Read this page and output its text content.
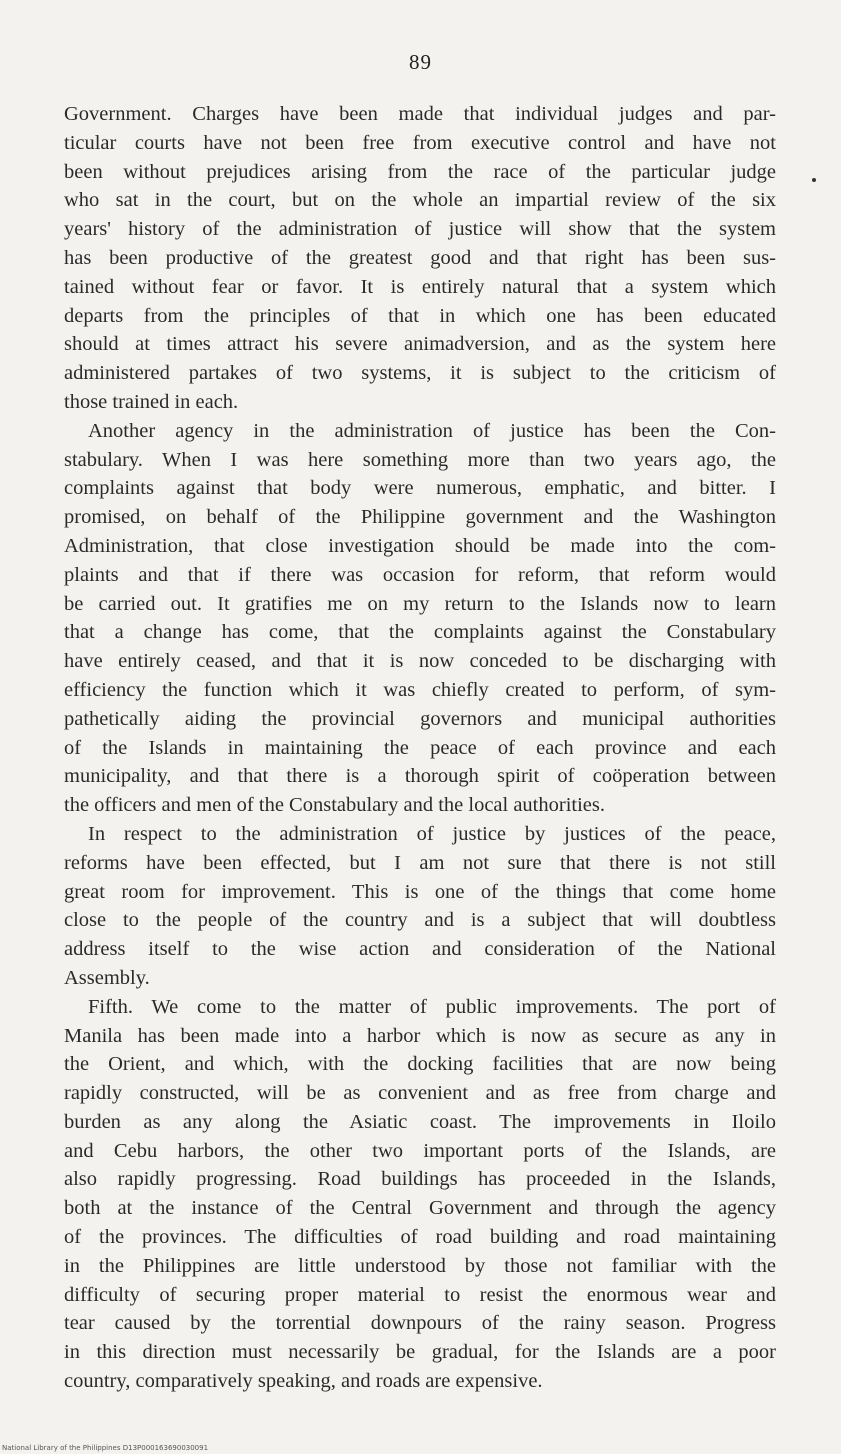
89
Government. Charges have been made that individual judges and par-
ticular courts have not been free from executive control and have not
been without prejudices arising from the race of the particular judge
who sat in the court, but on the whole an impartial review of the six
years' history of the administration of justice will show that the system
has been productive of the greatest good and that right has been sus-
tained without fear or favor. It is entirely natural that a system which
departs from the principles of that in which one has been educated
should at times attract his severe animadversion, and as the system here
administered partakes of two systems, it is subject to the criticism of
those trained in each.
Another agency in the administration of justice has been the Con-
stabulary. When I was here something more than two years ago, the
complaints against that body were numerous, emphatic, and bitter. I
promised, on behalf of the Philippine government and the Washington
Administration, that close investigation should be made into the com-
plaints and that if there was occasion for reform, that reform would
be carried out. It gratifies me on my return to the Islands now to learn
that a change has come, that the complaints against the Constabulary
have entirely ceased, and that it is now conceded to be discharging with
efficiency the function which it was chiefly created to perform, of sym-
pathetically aiding the provincial governors and municipal authorities
of the Islands in maintaining the peace of each province and each
municipality, and that there is a thorough spirit of coöperation between
the officers and men of the Constabulary and the local authorities.
In respect to the administration of justice by justices of the peace,
reforms have been effected, but I am not sure that there is not still
great room for improvement. This is one of the things that come home
close to the people of the country and is a subject that will doubtless
address itself to the wise action and consideration of the National
Assembly.
Fifth. We come to the matter of public improvements. The port of
Manila has been made into a harbor which is now as secure as any in
the Orient, and which, with the docking facilities that are now being
rapidly constructed, will be as convenient and as free from charge and
burden as any along the Asiatic coast. The improvements in Iloilo
and Cebu harbors, the other two important ports of the Islands, are
also rapidly progressing. Road buildings has proceeded in the Islands,
both at the instance of the Central Government and through the agency
of the provinces. The difficulties of road building and road maintaining
in the Philippines are little understood by those not familiar with the
difficulty of securing proper material to resist the enormous wear and
tear caused by the torrential downpours of the rainy season. Progress
in this direction must necessarily be gradual, for the Islands are a poor
country, comparatively speaking, and roads are expensive.
National Library of the Philippines D13P000163690030091
